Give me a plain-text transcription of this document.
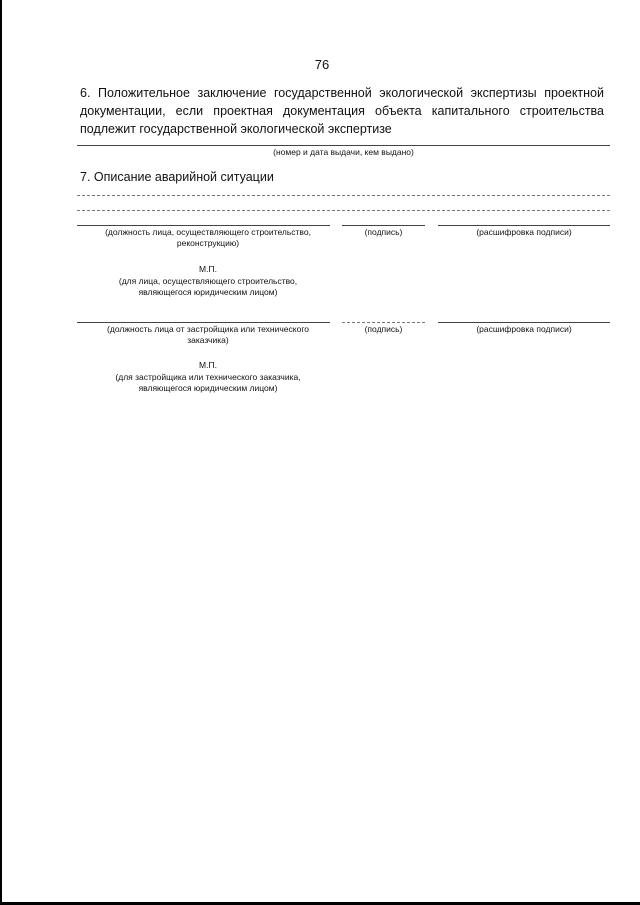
76
6. Положительное заключение государственной экологической экспертизы проектной документации, если проектная документация объекта капитального строительства подлежит государственной экологической экспертизе
(номер и дата выдачи, кем выдано)
7. Описание аварийной ситуации
(должность лица, осуществляющего строительство, реконструкцию)
(подпись)	(расшифровка подписи)
М.П.
(для лица, осуществляющего строительство, являющегося юридическим лицом)
(должность лица от застройщика или технического заказчика)
(подпись)	(расшифровка подписи)
М.П.
(для застройщика или технического заказчика, являющегося юридическим лицом)
